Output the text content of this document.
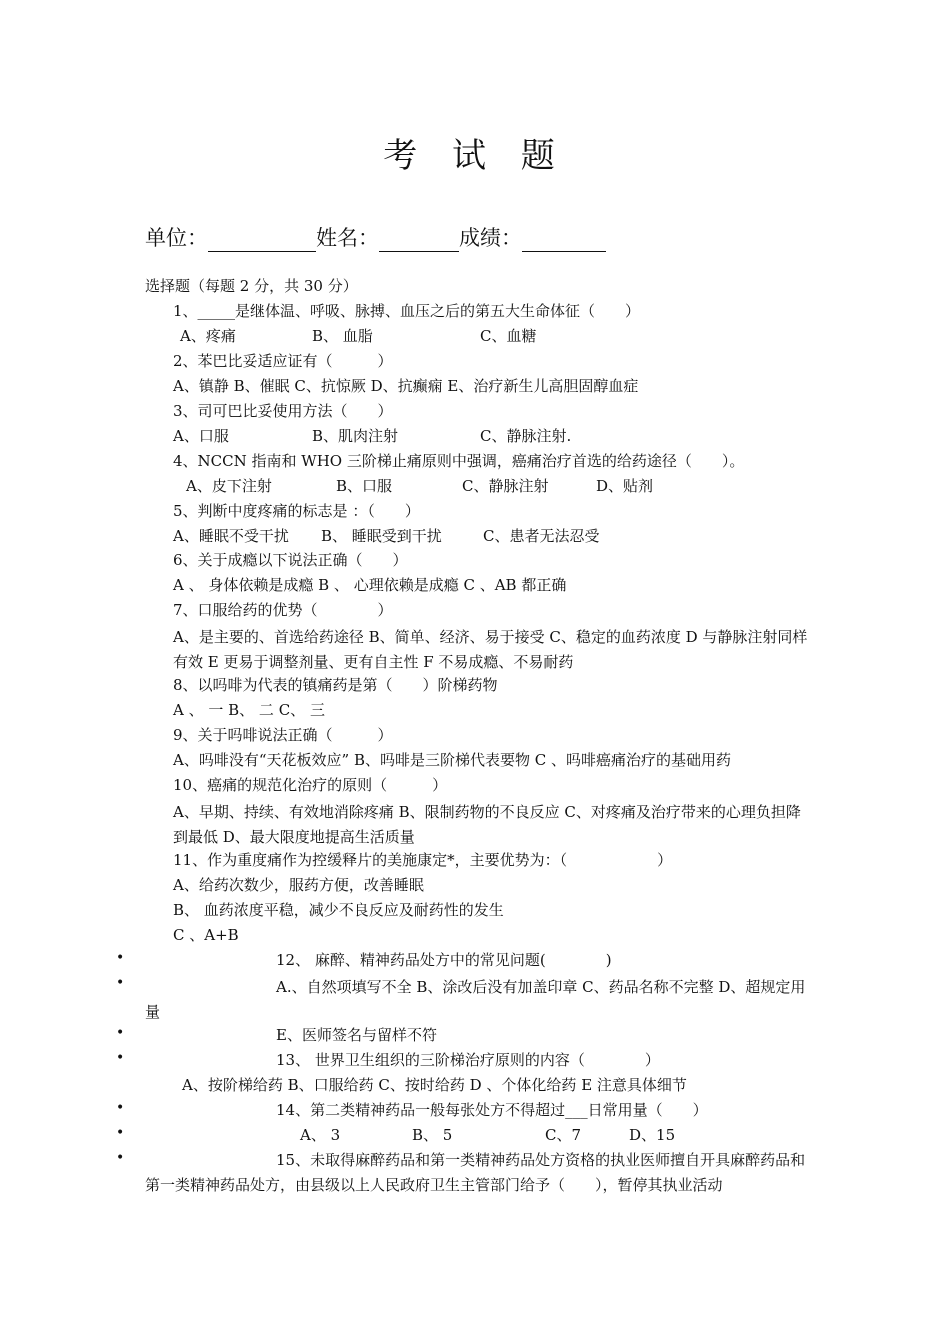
考 试 题
单位：	姓名：	成绩：
选择题（每题 2 分，共 30 分）
1、_____是继体温、呼吸、脉搏、血压之后的第五大生命体征（　　）
A、疼痛	B、 血脂	C、血糖
2、苯巴比妥适应证有（　　　）
A、镇静 B、催眠 C、抗惊厥 D、抗癫痫 E、治疗新生儿高胆固醇血症
3、司可巴比妥使用方法（　　）
A、口服	B、肌肉注射	C、静脉注射.
4、NCCN 指南和 WHO 三阶梯止痛原则中强调，癌痛治疗首选的给药途径（　　）。
A、皮下注射	B、口服	C、静脉注射	D、贴剂
5、判断中度疼痛的标志是 ：（　　）
A、睡眠不受干扰 B、 睡眠受到干扰	C、患者无法忍受
6、关于成瘾以下说法正确（　　）
A 、 身体依赖是成瘾 B 、 心理依赖是成瘾 C 、AB 都正确
7、口服给药的优势（　　　　）
A、是主要的、首选给药途径 B、简单、经济、易于接受 C、稳定的血药浓度 D 与静脉注射同样有效 E 更易于调整剂量、更有自主性 F 不易成瘾、不易耐药
8、以吗啡为代表的镇痛药是第（　　）阶梯药物
A 、 一 B、 二 C、 三
9、关于吗啡说法正确（　　　）
A、吗啡没有“天花板效应” B、吗啡是三阶梯代表要物 C 、吗啡癌痛治疗的基础用药
10、癌痛的规范化治疗的原则（　　　）
A、早期、持续、有效地消除疼痛 B、限制药物的不良反应 C、对疼痛及治疗带来的心理负担降到最低 D、最大限度地提高生活质量
11、作为重度痛作为控缓释片的美施康定*，主要优势为：（　　　　　　）
A、给药次数少，服药方便，改善睡眠
B、 血药浓度平稳，减少不良反应及耐药性的发生
C 、A+B
•	12、 麻醉、精神药品处方中的常见问题(　　　　)
•	A.、自然项填写不全 B、涂改后没有加盖印章 C、药品名称不完整 D、超规定用量
•	E、医师签名与留样不符
•	13、 世界卫生组织的三阶梯治疗原则的内容（　　　　）
A、按阶梯给药 B、口服给药 C、按时给药 D 、个体化给药 E 注意具体细节
•	14、第二类精神药品一般每张处方不得超过___日常用量（　　）
•	A、 3	B、 5	C、7	D、15
•	15、未取得麻醉药品和第一类精神药品处方资格的执业医师擅自开具麻醉药品和第一类精神药品处方，由县级以上人民政府卫生主管部门给予（　　），暂停其执业活动
